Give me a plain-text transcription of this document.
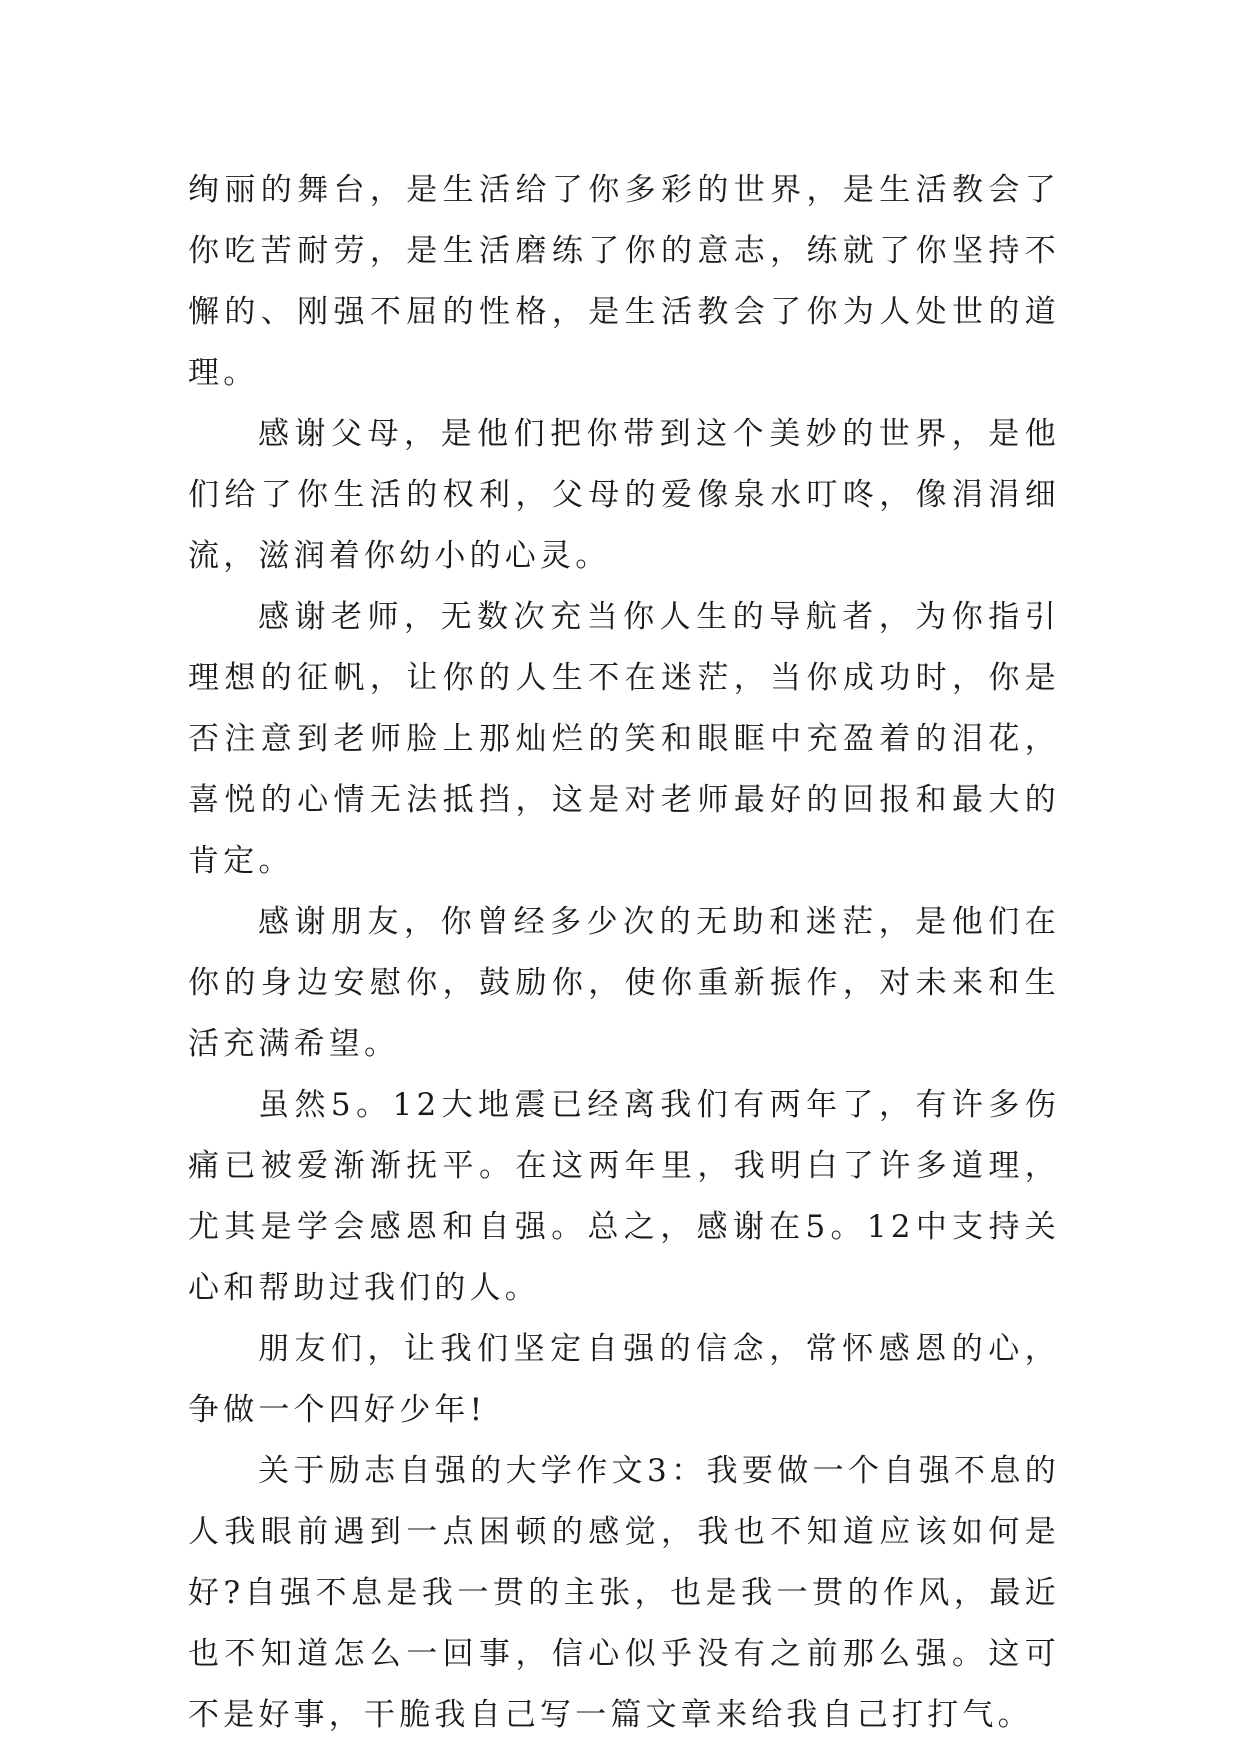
绚丽的舞台，是生活给了你多彩的世界，是生活教会了你吃苦耐劳，是生活磨练了你的意志，练就了你坚持不懈的、刚强不屈的性格，是生活教会了你为人处世的道理。

感谢父母，是他们把你带到这个美妙的世界，是他们给了你生活的权利，父母的爱像泉水叮咚，像涓涓细流，滋润着你幼小的心灵。

感谢老师，无数次充当你人生的导航者，为你指引理想的征帆，让你的人生不在迷茫，当你成功时，你是否注意到老师脸上那灿烂的笑和眼眶中充盈着的泪花，喜悦的心情无法抵挡，这是对老师最好的回报和最大的肯定。

感谢朋友，你曾经多少次的无助和迷茫，是他们在你的身边安慰你，鼓励你，使你重新振作，对未来和生活充满希望。

虽然5。12大地震已经离我们有两年了，有许多伤痛已被爱渐渐抚平。在这两年里，我明白了许多道理，尤其是学会感恩和自强。总之，感谢在5。12中支持关心和帮助过我们的人。

朋友们，让我们坚定自强的信念，常怀感恩的心，争做一个四好少年!

关于励志自强的大学作文3：我要做一个自强不息的人我眼前遇到一点困顿的感觉，我也不知道应该如何是好?自强不息是我一贯的主张，也是我一贯的作风，最近也不知道怎么一回事，信心似乎没有之前那么强。这可不是好事，干脆我自己写一篇文章来给我自己打打气。
